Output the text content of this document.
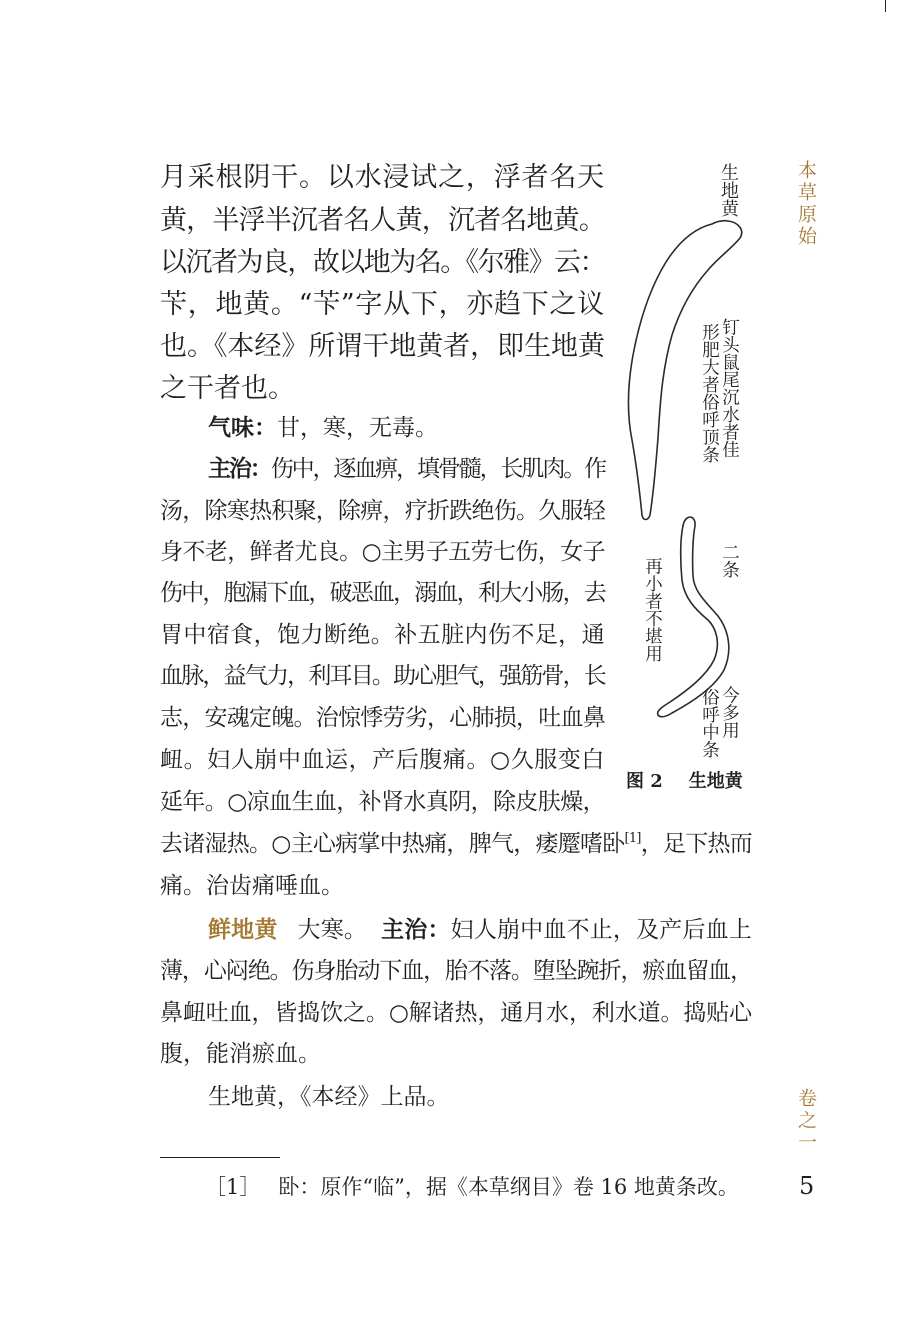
月采根阴干。以水浸试之，浮者名天
黄，半浮半沉者名人黄，沉者名地黄。
以沉者为良，故以地为名。《尔雅》云：
苄，地黄。“苄”字从下，亦趋下之议
也。《本经》所谓干地黄者，即生地黄
之干者也。
气味：甘，寒，无毒。
主治：伤中，逐血痹，填骨髓，长肌肉。作
汤，除寒热积聚，除痹，疗折跌绝伤。久服轻
身不老，鲜者尤良。○主男子五劳七伤，女子
伤中，胞漏下血，破恶血，溺血，利大小肠，去
胃中宿食，饱力断绝。补五脏内伤不足，通
血脉，益气力，利耳目。助心胆气，强筋骨，长
志，安魂定魄。治惊悸劳劣，心肺损，吐血鼻
衄。妇人崩中血运，产后腹痛。○久服变白
延年。○凉血生血，补肾水真阴，除皮肤燥，
去诸湿热。○主心病掌中热痛，脾气，痿蹷嗜卧[1]，足下热而
痛。治齿痛唾血。
鲜地黄 大寒。 主治：妇人崩中血不止，及产后血上
薄，心闷绝。伤身胎动下血，胎不落。堕坠踠折，瘀血留血，
鼻衄吐血，皆捣饮之。○解诸热，通月水，利水道。捣贴心
腹，能消瘀血。
生地黄，《本经》上品。
生地黄
钉头鼠尾沉水者佳
形肥大者俗呼顶条
二条
再小者不堪用
今多用
俗呼中条
图 2 生地黄
［1］ 卧：原作“临”，据《本草纲目》卷 16 地黄条改。
本草原始
卷之一
5
